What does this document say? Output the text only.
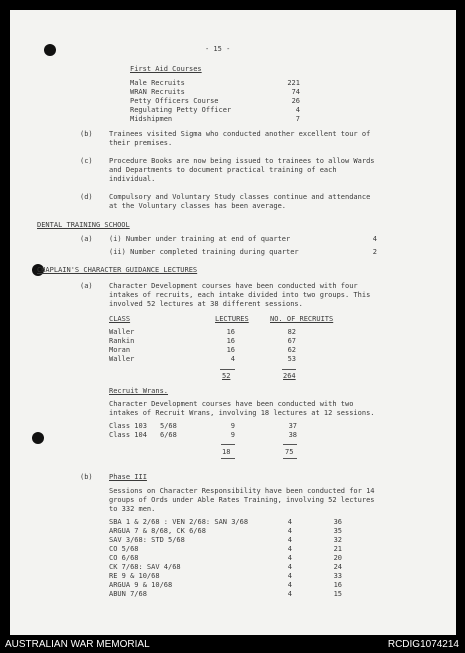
- 15 -
First Aid Courses
Male Recruits	221
WRAN Recruits	74
Petty Officers Course	26
Regulating Petty Officer	4
Midshipmen	7
(b) Trainees visited Sigma who conducted another excellent tour of
their premises.
(c) Procedure Books are now being issued to trainees to allow Wards
and Departments to document practical training of each
individual.
(d) Compulsory and Voluntary Study classes continue and attendance
at the Voluntary classes has been average.
DENTAL TRAINING SCHOOL
(a) (i) Number under training at end of quarter	4
(ii) Number completed training during quarter	2
CHAPLAIN'S CHARACTER GUIDANCE LECTURES
(a) Character Development courses have been conducted with four
intakes of recruits, each intake divided into two groups. This
involved 52 lectures at 38 different sessions.
CLASS	LECTURES	NO. OF RECRUITS
Waller	16	82
Rankin	16	67
Moran	16	62
Waller	4	53
52	264
Recruit Wrans.
Character Development courses have been conducted with two
intakes of Recruit Wrans, involving 18 lectures at 12 sessions.
Class 103 5/68	9	37
Class 104 6/68	9	38
18	75
(b) Phase III
Sessions on Character Responsibility have been conducted for 14
groups of Ords under Able Rates Training, involving 52 lectures
to 332 men.
SBA 1 & 2/68 : VEN 2/68: SAN 3/68	4	36
ARGUA 7 & 8/68, CK 6/68	4	35
SAV 3/68: STD 5/68	4	32
CO 5/68	4	21
CO 6/68	4	20
CK 7/68: SAV 4/68	4	24
RE 9 & 10/68	4	33
ARGUA 9 & 10/68	4	16
ABUN 7/68	4	15
AUSTRALIAN WAR MEMORIAL	RCDIG1074214
